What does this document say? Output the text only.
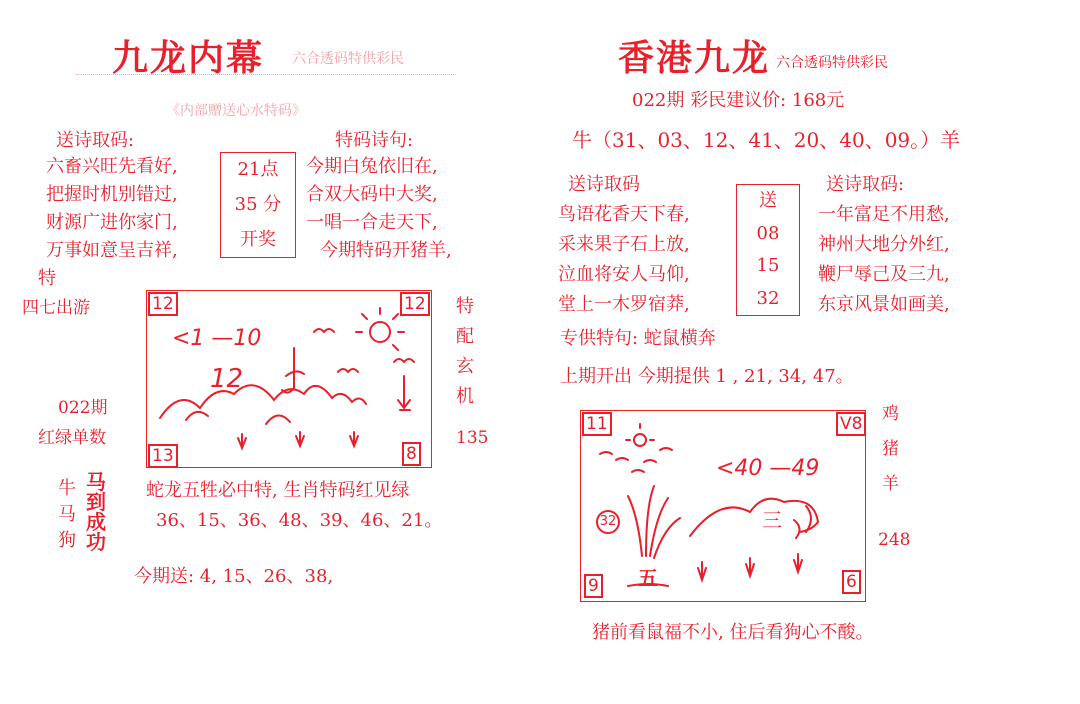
九龙内幕 六合透码特供彩民
《内部赠送心水特码》
送诗取码:	特码诗句:
六畜兴旺先看好,
把握时机别错过,
财源广进你家门,
万事如意呈吉祥,
21点
35 分
开奖
今期白兔依旧在,
合双大码中大奖,
一唱一合走天下,
今期特码开猪羊,
特
四七出游
022期
红绿单数
12	12
13	8
<1 —10
12
特
配
玄
机
135
牛
马
狗
马
到
成
功
蛇龙五牲必中特, 生肖特码红见绿
36、15、36、48、39、46、21。
今期送: 4, 15、26、38,
香港九龙 六合透码特供彩民
022期 彩民建议价: 168元
牛（31、03、12、41、20、40、09。）羊
送诗取码	送诗取码:
鸟语花香天下春,
采来果子石上放,
泣血将安人马仰,
堂上一木罗宿莽,
送
08
15
32
一年富足不用愁,
神州大地分外红,
鞭尸辱己及三九,
东京风景如画美,
专供特句: 蛇鼠横奔
上期开出 今期提供 1 , 21, 34, 47。
11	V8
9	6
<40 —49
三
五
32
鸡
猪
羊
248
猪前看鼠福不小, 住后看狗心不酸。
